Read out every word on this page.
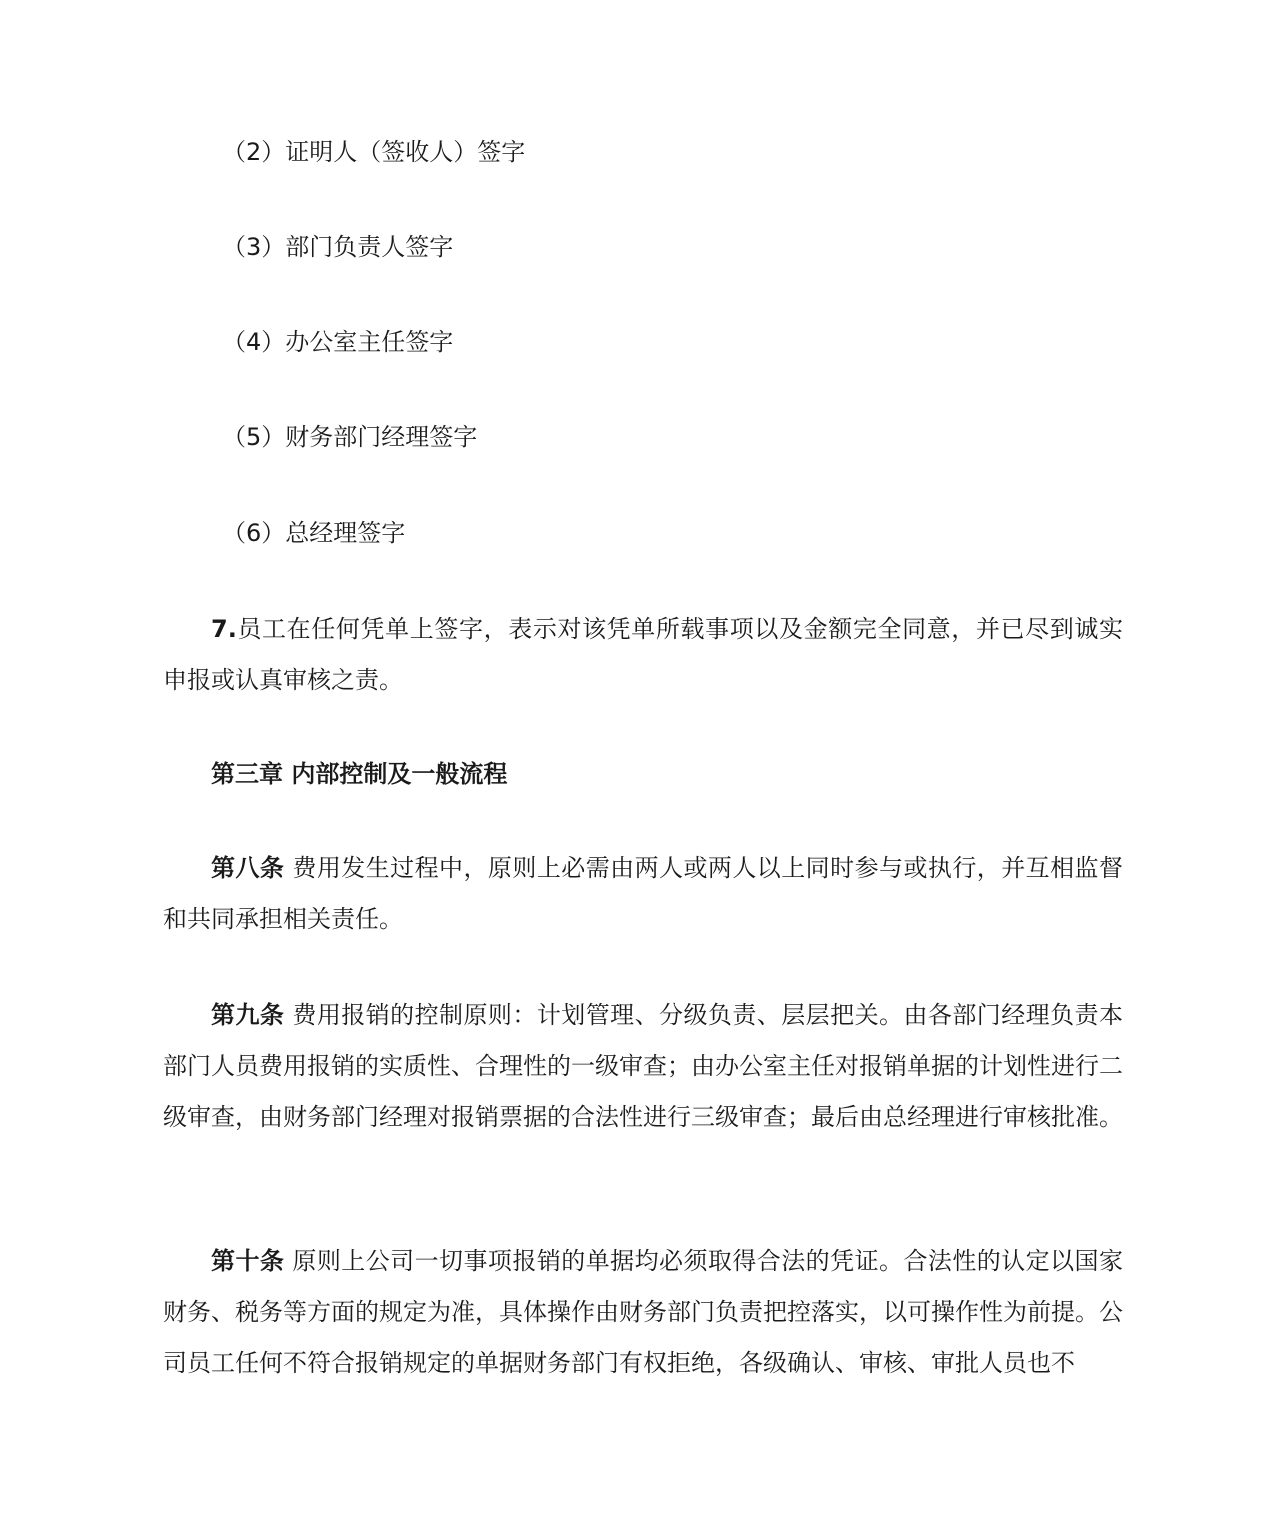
（2）证明人（签收人）签字
（3）部门负责人签字
（4）办公室主任签字
（5）财务部门经理签字
（6）总经理签字
7.员工在任何凭单上签字，表示对该凭单所载事项以及金额完全同意，并已尽到诚实申报或认真审核之责。
第三章 内部控制及一般流程
第八条 费用发生过程中，原则上必需由两人或两人以上同时参与或执行，并互相监督和共同承担相关责任。
第九条 费用报销的控制原则：计划管理、分级负责、层层把关。由各部门经理负责本部门人员费用报销的实质性、合理性的一级审查；由办公室主任对报销单据的计划性进行二级审查，由财务部门经理对报销票据的合法性进行三级审查；最后由总经理进行审核批准。
第十条 原则上公司一切事项报销的单据均必须取得合法的凭证。合法性的认定以国家财务、税务等方面的规定为准，具体操作由财务部门负责把控落实，以可操作性为前提。公司员工任何不符合报销规定的单据财务部门有权拒绝，各级确认、审核、审批人员也不
